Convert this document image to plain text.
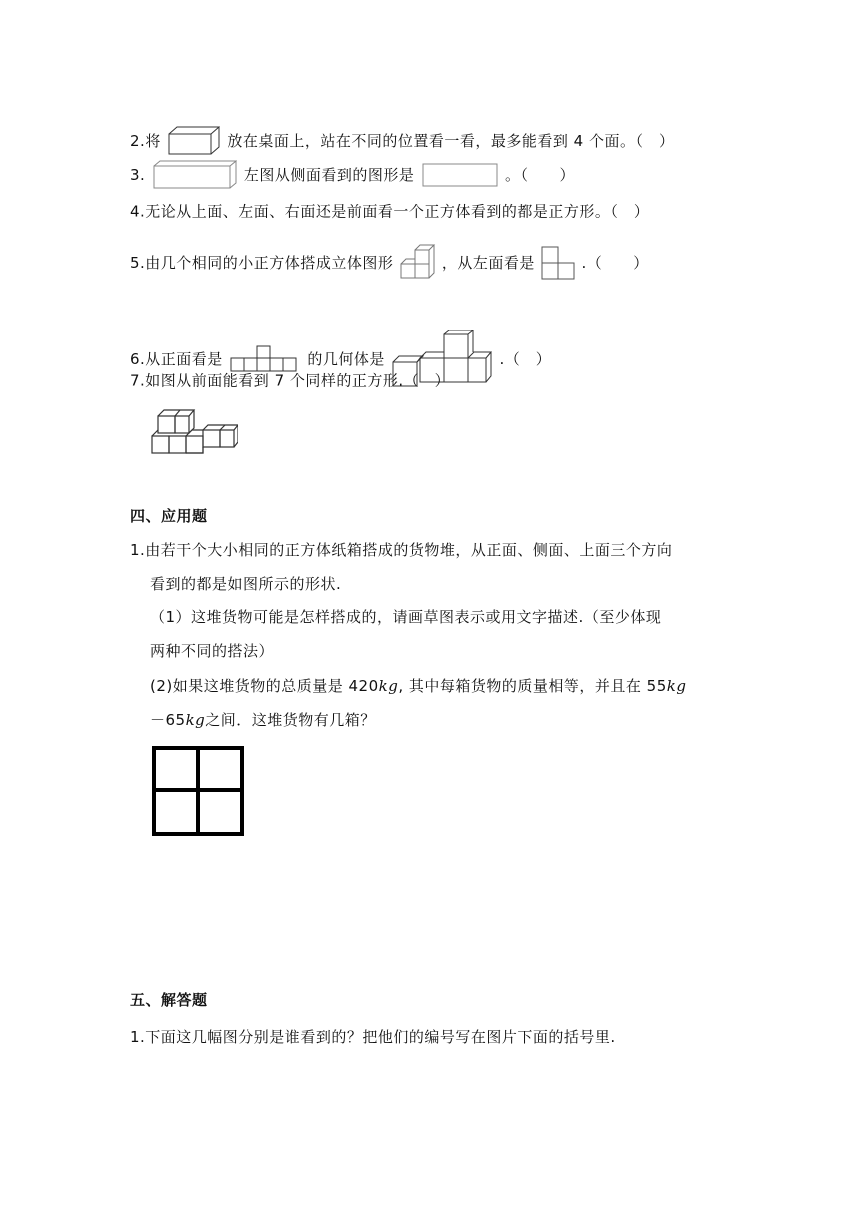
2.将	放在桌面上，站在不同的位置看一看，最多能看到 4 个面。（　）
3.	左图从侧面看到的图形是	。（　　）
4.无论从上面、左面、右面还是前面看一个正方体看到的都是正方形。（　）
5.由几个相同的小正方体搭成立体图形	，从左面看是	.（　　）
6.从正面看是	的几何体是	.（　）
7.如图从前面能看到 7 个同样的正方形.（　）
四、应用题
1.由若干个大小相同的正方体纸箱搭成的货物堆，从正面、侧面、上面三个方向
看到的都是如图所示的形状.
（1）这堆货物可能是怎样搭成的，请画草图表示或用文字描述.（至少体现
两种不同的搭法）
(2)如果这堆货物的总质量是 420kg, 其中每箱货物的质量相等，并且在 55kg
－65kg之间．这堆货物有几箱？
五、解答题
1.下面这几幅图分别是谁看到的？把他们的编号写在图片下面的括号里.
